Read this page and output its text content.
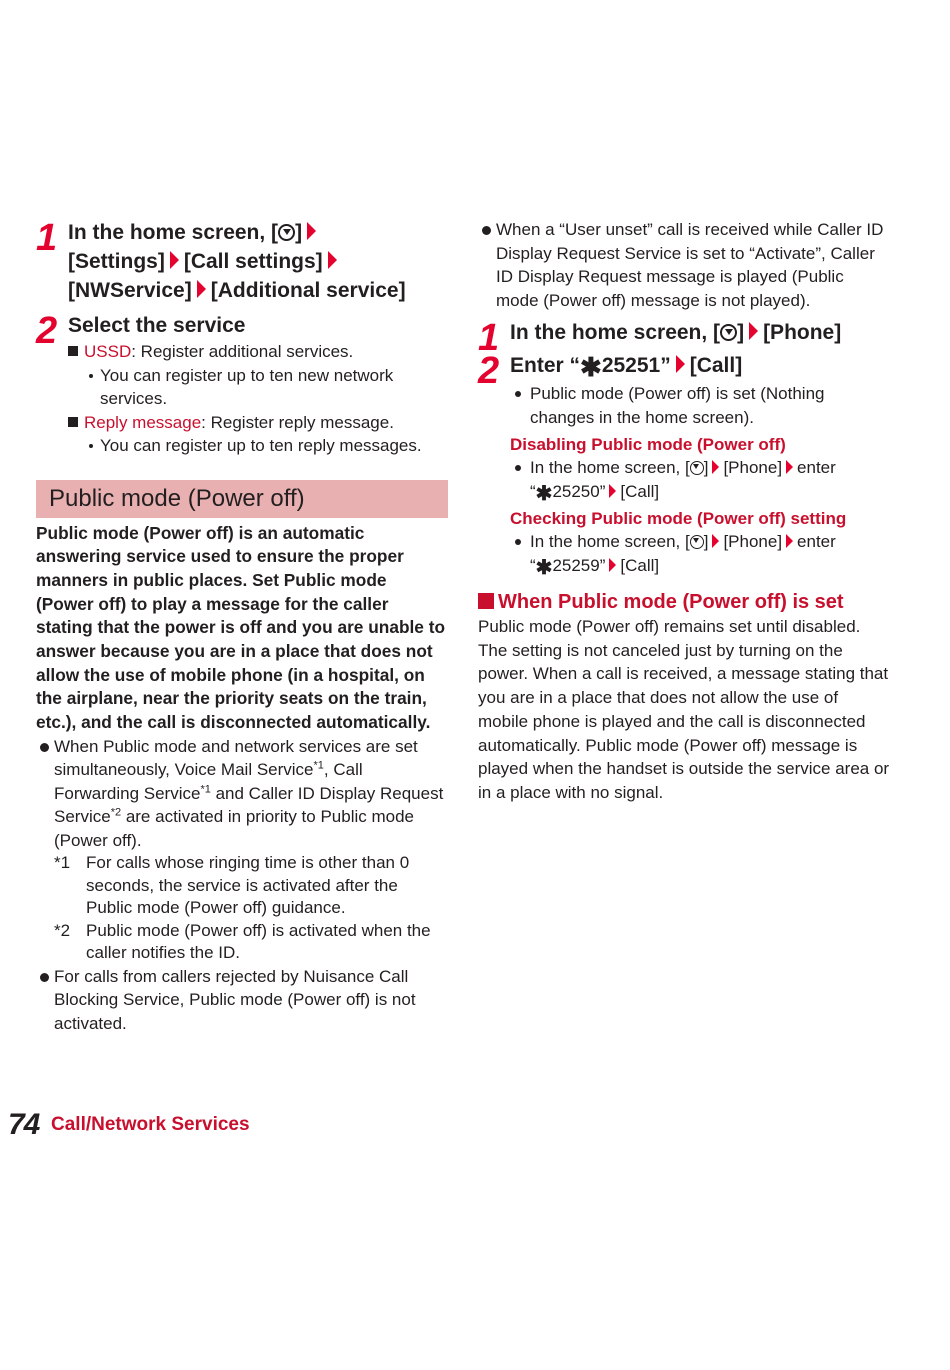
1 In the home screen, [ ]
[Settings] [Call settings]
[NWService] [Additional service]
2 Select the service
USSD: Register additional services.
You can register up to ten new network services.
Reply message: Register reply message.
You can register up to ten reply messages.
Public mode (Power off)
Public mode (Power off) is an automatic answering service used to ensure the proper manners in public places. Set Public mode (Power off) to play a message for the caller stating that the power is off and you are unable to answer because you are in a place that does not allow the use of mobile phone (in a hospital, on the airplane, near the priority seats on the train, etc.), and the call is disconnected automatically.
When Public mode and network services are set simultaneously, Voice Mail Service$^{*1}$, Call Forwarding Service$^{*1}$ and Caller ID Display Request Service$^{*2}$ are activated in priority to Public mode (Power off).
*1 For calls whose ringing time is other than 0 seconds, the service is activated after the Public mode (Power off) guidance.
*2 Public mode (Power off) is activated when the caller notifies the ID.
For calls from callers rejected by Nuisance Call Blocking Service, Public mode (Power off) is not activated.
When a “User unset” call is received while Caller ID Display Request Service is set to “Activate”, Caller ID Display Request message is played (Public mode (Power off) message is not played).
1 In the home screen, [ ] [Phone]
2 Enter “✱25251” [Call]
Public mode (Power off) is set (Nothing changes in the home screen).
Disabling Public mode (Power off)
In the home screen, [ ] [Phone] enter
“✱25250” [Call]
Checking Public mode (Power off) setting
In the home screen, [ ] [Phone] enter
“✱25259” [Call]
When Public mode (Power off) is set
Public mode (Power off) remains set until disabled. The setting is not canceled just by turning on the power. When a call is received, a message stating that you are in a place that does not allow the use of mobile phone is played and the call is disconnected automatically. Public mode (Power off) message is played when the handset is outside the service area or in a place with no signal.
74 Call/Network Services
